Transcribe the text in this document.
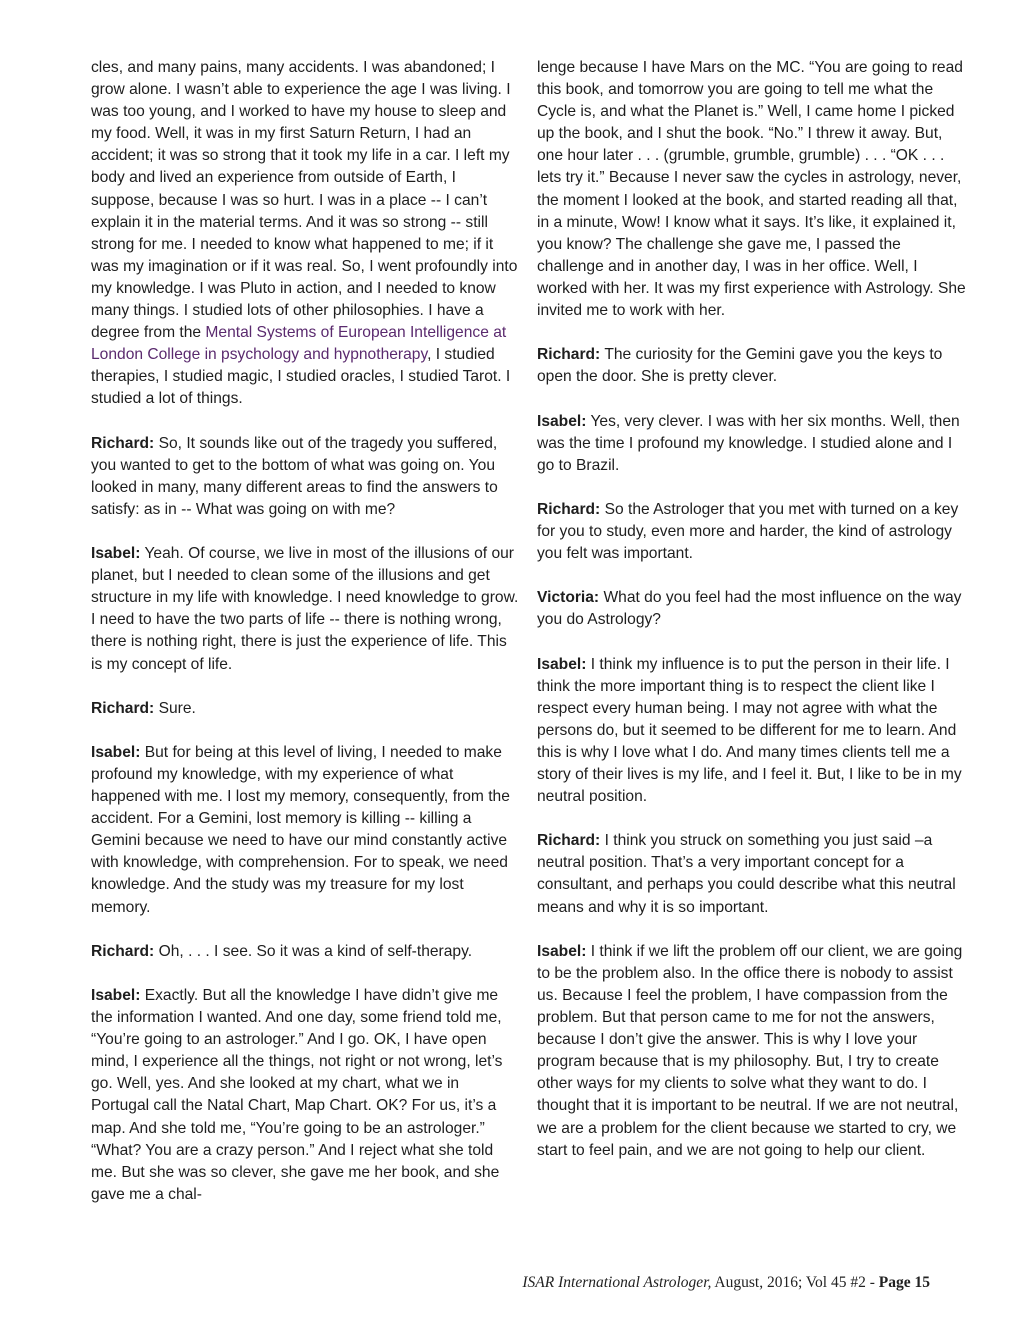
cles, and many pains, many accidents. I was abandoned; I grow alone. I wasn’t able to experience the age I was living. I was too young, and I worked to have my house to sleep and my food. Well, it was in my first Saturn Return, I had an accident; it was so strong that it took my life in a car. I left my body and lived an experience from outside of Earth, I suppose, because I was so hurt. I was in a place -- I can’t explain it in the material terms. And it was so strong -- still strong for me. I needed to know what happened to me; if it was my imagination or if it was real. So, I went profoundly into my knowledge. I was Pluto in action, and I needed to know many things. I studied lots of other philosophies. I have a degree from the Mental Systems of European Intelligence at London College in psychology and hypnotherapy, I studied therapies, I studied magic, I studied oracles, I studied Tarot. I studied a lot of things.

Richard: So, It sounds like out of the tragedy you suffered, you wanted to get to the bottom of what was going on. You looked in many, many different areas to find the answers to satisfy: as in -- What was going on with me?

Isabel: Yeah. Of course, we live in most of the illusions of our planet, but I needed to clean some of the illusions and get structure in my life with knowledge. I need knowledge to grow. I need to have the two parts of life -- there is nothing wrong, there is nothing right, there is just the experience of life. This is my concept of life.

Richard: Sure.

Isabel: But for being at this level of living, I needed to make profound my knowledge, with my experience of what happened with me. I lost my memory, consequently, from the accident. For a Gemini, lost memory is killing -- killing a Gemini because we need to have our mind constantly active with knowledge, with comprehension. For to speak, we need knowledge. And the study was my treasure for my lost memory.

Richard: Oh, . . . I see. So it was a kind of self-therapy.

Isabel: Exactly. But all the knowledge I have didn’t give me the information I wanted. And one day, some friend told me, “You’re going to an astrologer.” And I go. OK, I have open mind, I experience all the things, not right or not wrong, let’s go. Well, yes. And she looked at my chart, what we in Portugal call the Natal Chart, Map Chart. OK? For us, it’s a map. And she told me, “You’re going to be an astrologer.” “What? You are a crazy person.” And I reject what she told me. But she was so clever, she gave me her book, and she gave me a chal-

lenge because I have Mars on the MC. “You are going to read this book, and tomorrow you are going to tell me what the Cycle is, and what the Planet is.” Well, I came home I picked up the book, and I shut the book. “No.” I threw it away. But, one hour later . . . (grumble, grumble, grumble) . . . “OK . . . lets try it.” Because I never saw the cycles in astrology, never, the moment I looked at the book, and started reading all that, in a minute, Wow! I know what it says. It’s like, it explained it, you know? The challenge she gave me, I passed the challenge and in another day, I was in her office. Well, I worked with her. It was my first experience with Astrology. She invited me to work with her.

Richard: The curiosity for the Gemini gave you the keys to open the door. She is pretty clever.

Isabel: Yes, very clever. I was with her six months. Well, then was the time I profound my knowledge. I studied alone and I go to Brazil.

Richard: So the Astrologer that you met with turned on a key for you to study, even more and harder, the kind of astrology you felt was important.

Victoria: What do you feel had the most influence on the way you do Astrology?

Isabel: I think my influence is to put the person in their life. I think the more important thing is to respect the client like I respect every human being. I may not agree with what the persons do, but it seemed to be different for me to learn. And this is why I love what I do. And many times clients tell me a story of their lives is my life, and I feel it. But, I like to be in my neutral position.

Richard: I think you struck on something you just said –a neutral position. That’s a very important concept for a consultant, and perhaps you could describe what this neutral means and why it is so important.

Isabel: I think if we lift the problem off our client, we are going to be the problem also. In the office there is nobody to assist us. Because I feel the problem, I have compassion from the problem. But that person came to me for not the answers, because I don’t give the answer. This is why I love your program because that is my philosophy. But, I try to create other ways for my clients to solve what they want to do. I thought that it is important to be neutral. If we are not neutral, we are a problem for the client because we started to cry, we start to feel pain, and we are not going to help our client.

ISAR International Astrologer, August, 2016; Vol 45 #2 - Page 15
